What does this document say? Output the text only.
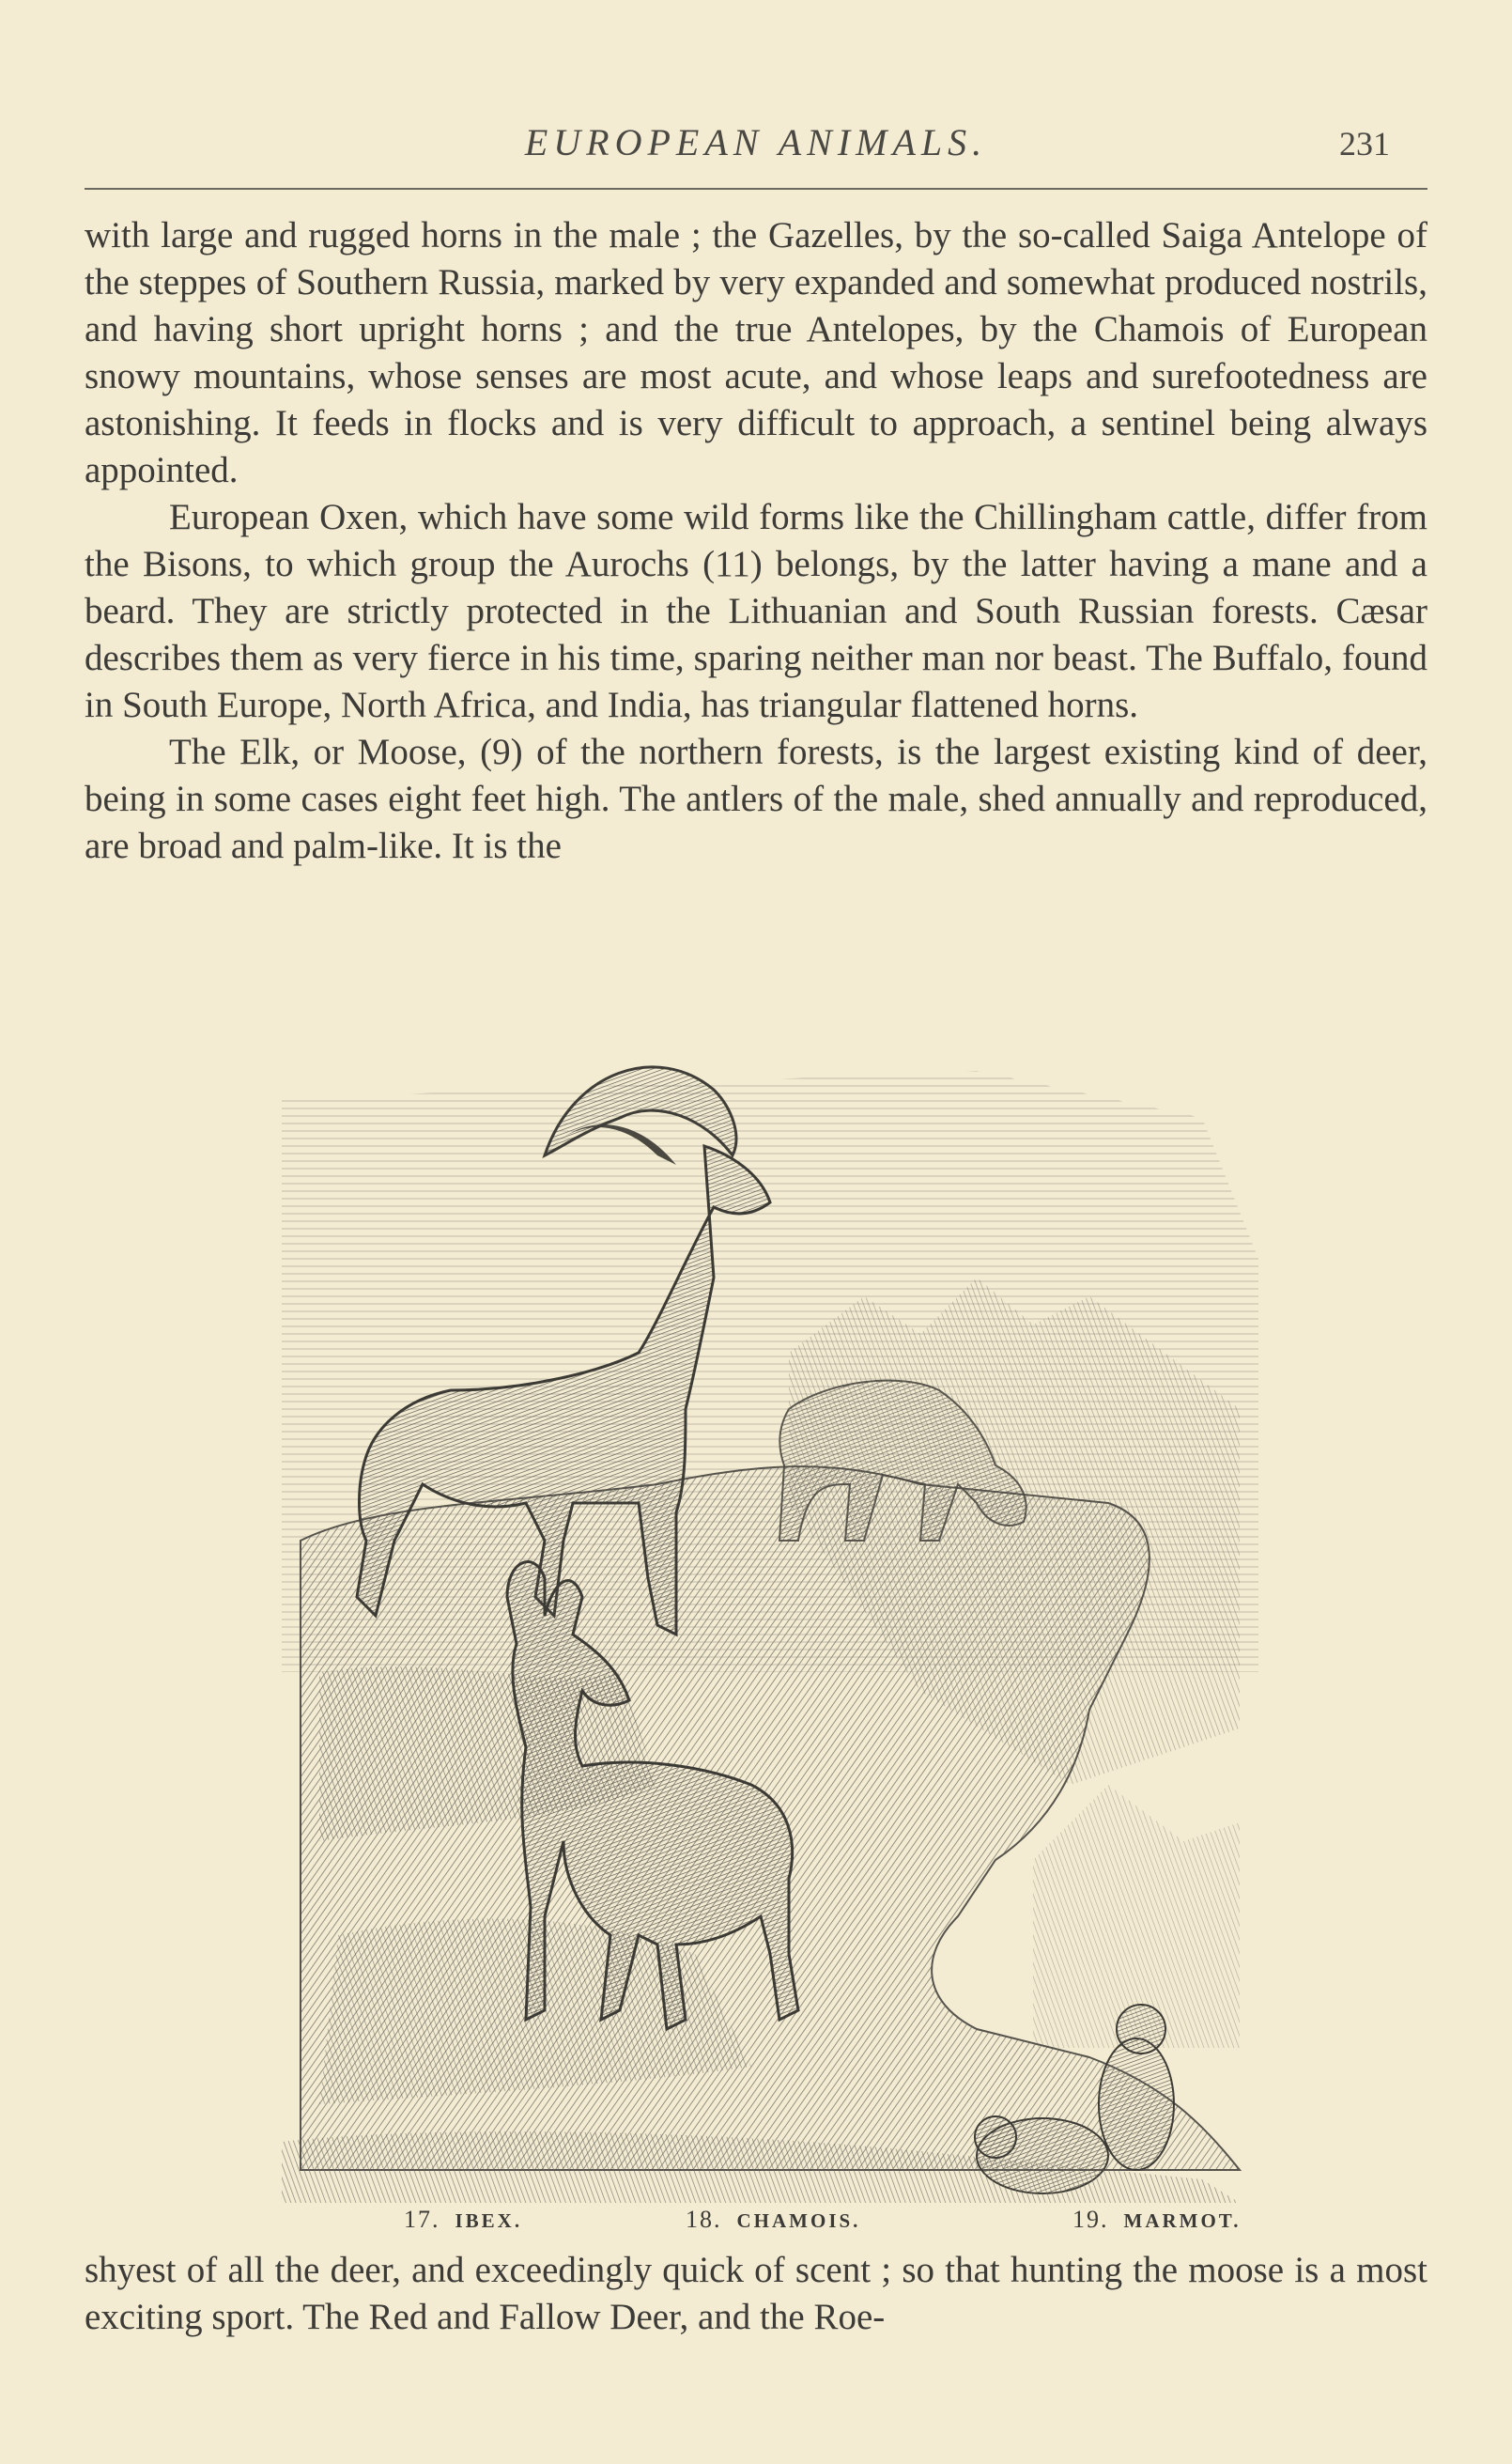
EUROPEAN ANIMALS.	231

with large and rugged horns in the male ; the Gazelles, by the so-called Saiga Antelope of the steppes of Southern Russia, marked by very expanded and somewhat produced nostrils, and having short upright horns ; and the true Antelopes, by the Chamois of European snowy mountains, whose senses are most acute, and whose leaps and surefootedness are astonishing. It feeds in flocks and is very difficult to approach, a sentinel being always appointed.

European Oxen, which have some wild forms like the Chillingham cattle, differ from the Bisons, to which group the Aurochs (11) belongs, by the latter having a mane and a beard. They are strictly protected in the Lithuanian and South Russian forests. Cæsar describes them as very fierce in his time, sparing neither man nor beast. The Buffalo, found in South Europe, North Africa, and India, has triangular flattened horns.

The Elk, or Moose, (9) of the northern forests, is the largest existing kind of deer, being in some cases eight feet high. The antlers of the male, shed annually and reproduced, are broad and palm-like. It is the

17. IBEX.	18. CHAMOIS.	19. MARMOT.

shyest of all the deer, and exceedingly quick of scent ; so that hunting the moose is a most exciting sport. The Red and Fallow Deer, and the Roe-
